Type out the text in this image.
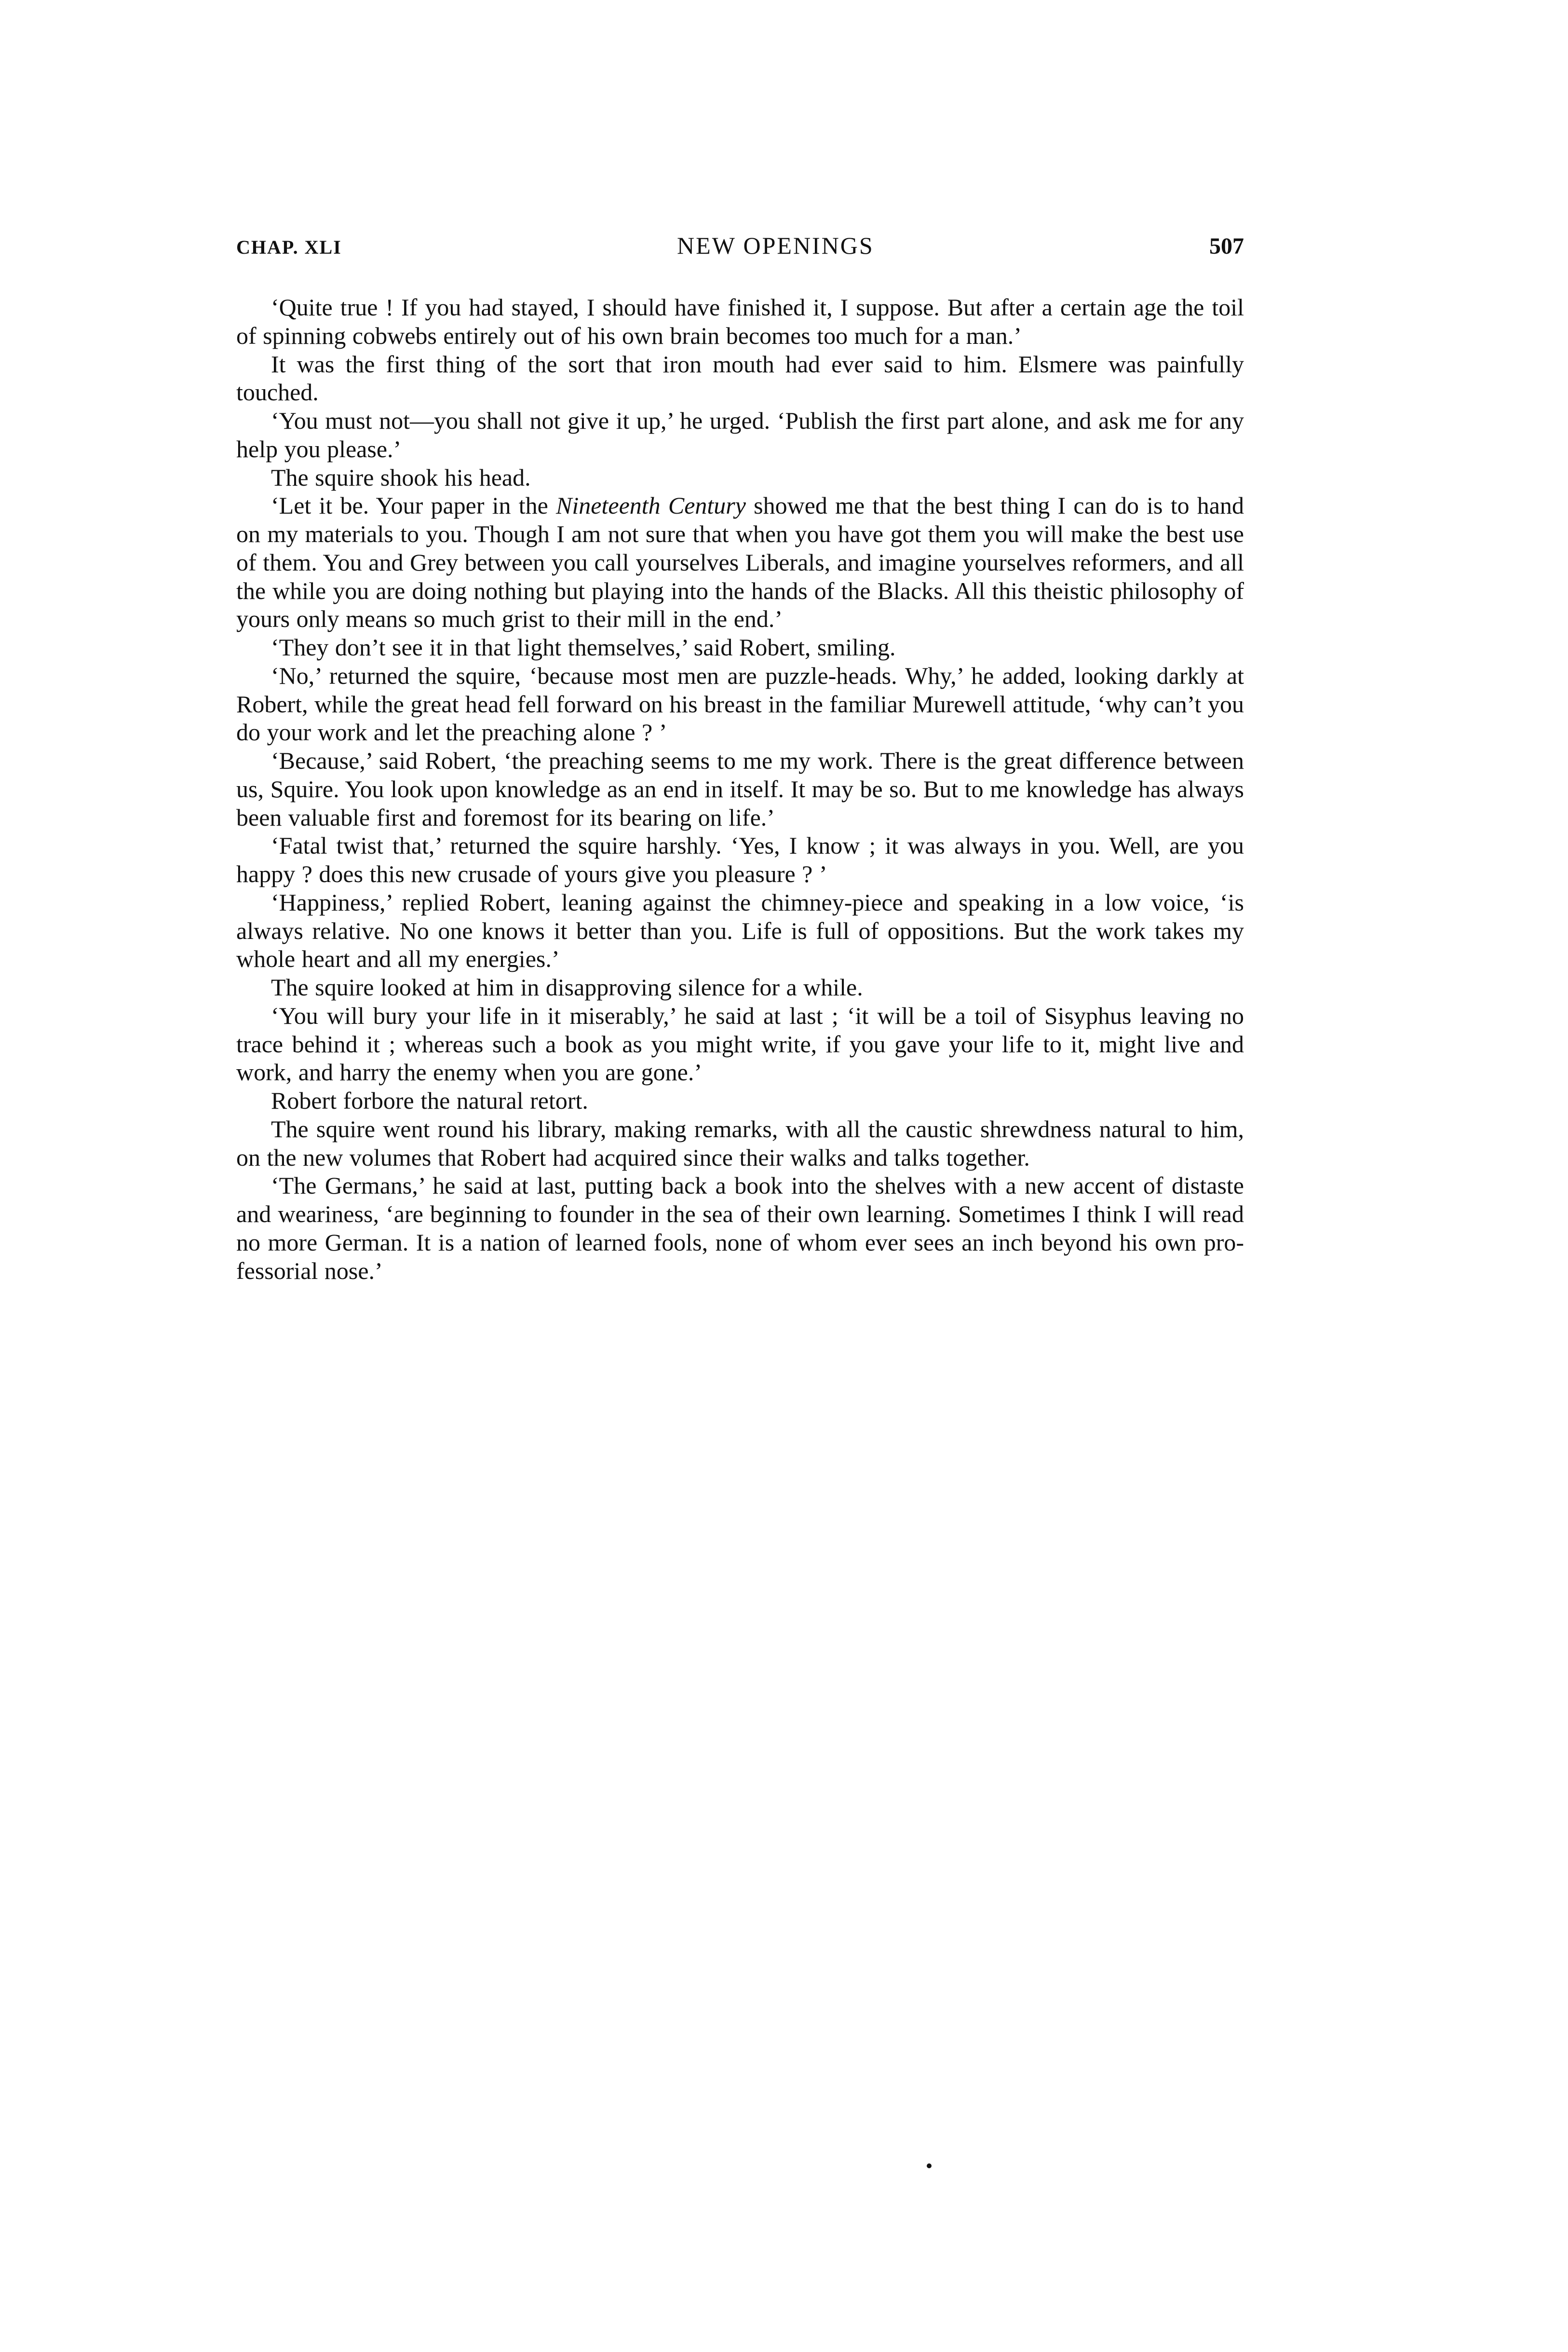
CHAP. XLI	NEW OPENINGS	507

‘Quite true ! If you had stayed, I should have finished it, I suppose. But after a certain age the toil of spinning cobwebs entirely out of his own brain becomes too much for a man.’

It was the first thing of the sort that iron mouth had ever said to him. Elsmere was painfully touched.

‘You must not—you shall not give it up,’ he urged. ‘Publish the first part alone, and ask me for any help you please.’

The squire shook his head.

‘Let it be. Your paper in the Nineteenth Century showed me that the best thing I can do is to hand on my materials to you. Though I am not sure that when you have got them you will make the best use of them. You and Grey between you call yourselves Liberals, and imagine yourselves reformers, and all the while you are doing nothing but playing into the hands of the Blacks. All this theistic philosophy of yours only means so much grist to their mill in the end.’

‘They don’t see it in that light themselves,’ said Robert, smiling.

‘No,’ returned the squire, ‘because most men are puzzle-heads. Why,’ he added, looking darkly at Robert, while the great head fell forward on his breast in the familiar Murewell attitude, ‘why can’t you do your work and let the preaching alone ? ’

‘Because,’ said Robert, ‘the preaching seems to me my work. There is the great difference between us, Squire. You look upon knowledge as an end in itself. It may be so. But to me knowledge has always been valuable first and foremost for its bearing on life.’

‘Fatal twist that,’ returned the squire harshly. ‘Yes, I know ; it was always in you. Well, are you happy ? does this new crusade of yours give you pleasure ? ’

‘Happiness,’ replied Robert, leaning against the chimney-piece and speaking in a low voice, ‘is always relative. No one knows it better than you. Life is full of oppositions. But the work takes my whole heart and all my energies.’

The squire looked at him in disapproving silence for a while.

‘You will bury your life in it miserably,’ he said at last ; ‘it will be a toil of Sisyphus leaving no trace behind it ; whereas such a book as you might write, if you gave your life to it, might live and work, and harry the enemy when you are gone.’

Robert forbore the natural retort.

The squire went round his library, making remarks, with all the caustic shrewdness natural to him, on the new volumes that Robert had acquired since their walks and talks together.

‘The Germans,’ he said at last, putting back a book into the shelves with a new accent of distaste and weariness, ‘are beginning to founder in the sea of their own learning. Sometimes I think I will read no more German. It is a nation of learned fools, none of whom ever sees an inch beyond his own pro-fessorial nose.’
